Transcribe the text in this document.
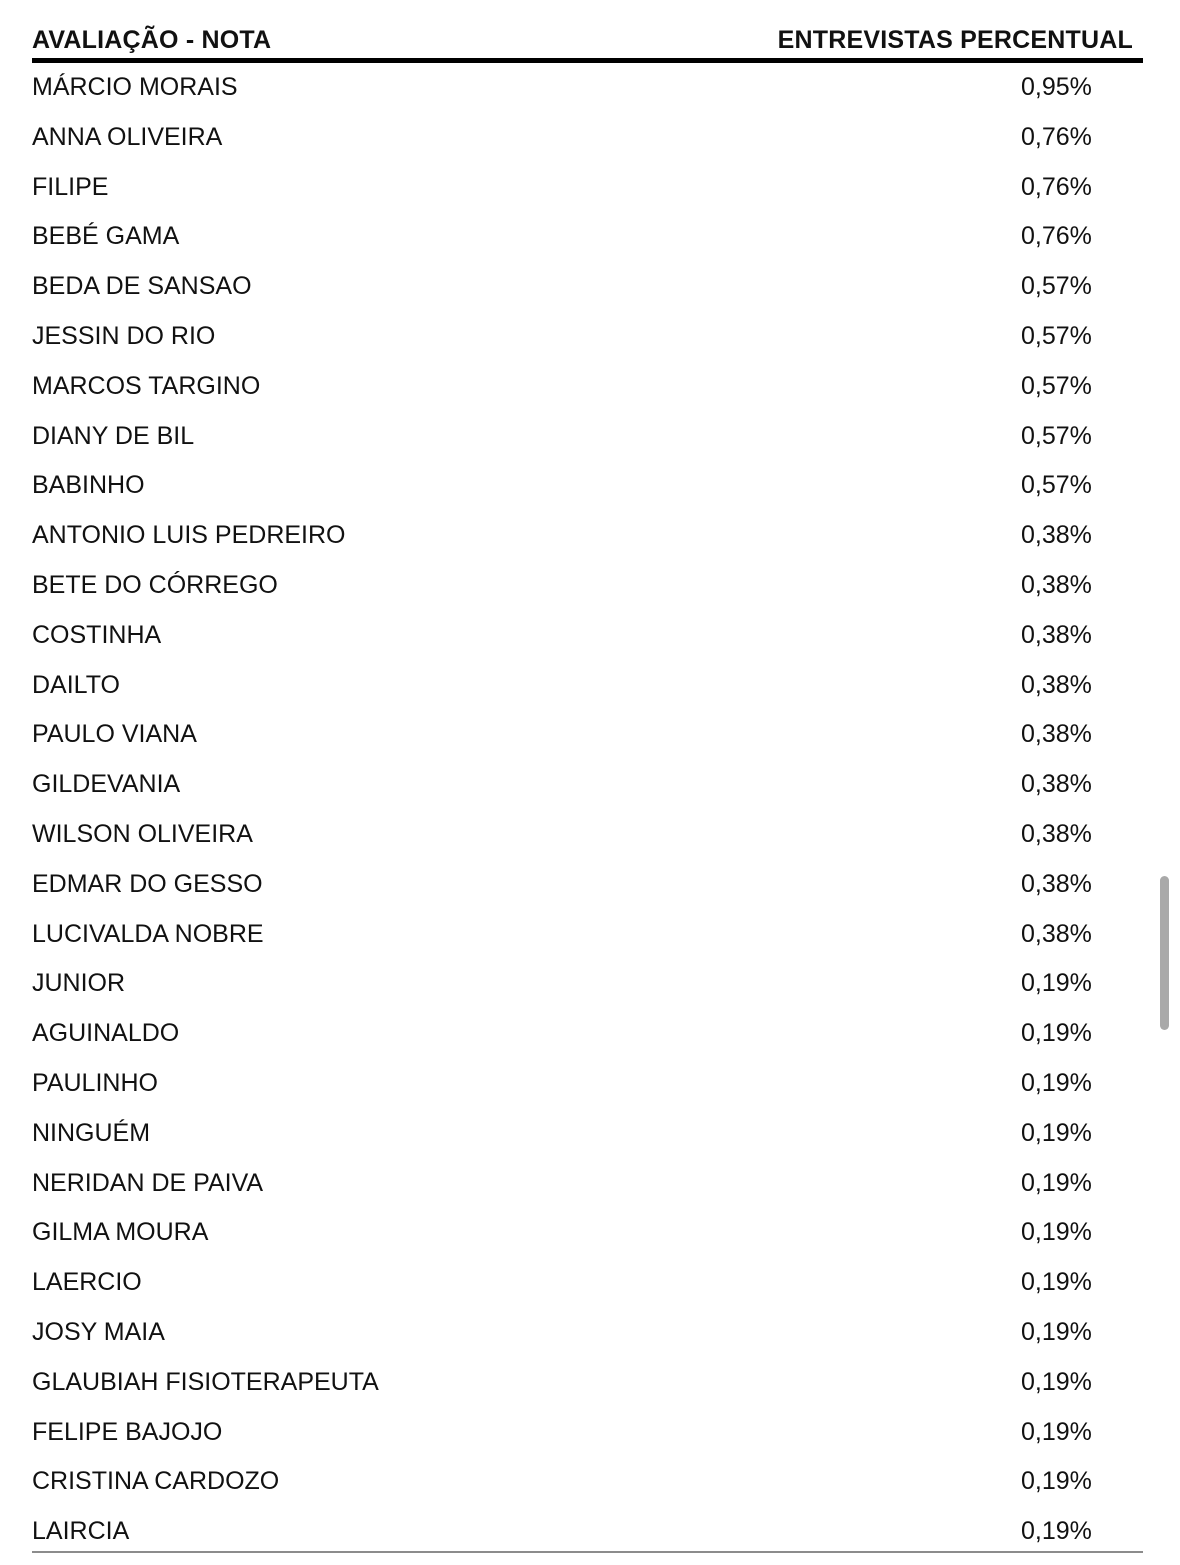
AVALIAÇÃO - NOTA	ENTREVISTAS PERCENTUAL
MÁRCIO MORAIS	0,95%
ANNA OLIVEIRA	0,76%
FILIPE	0,76%
BEBÉ GAMA	0,76%
BEDA DE SANSAO	0,57%
JESSIN DO RIO	0,57%
MARCOS TARGINO	0,57%
DIANY DE BIL	0,57%
BABINHO	0,57%
ANTONIO LUIS PEDREIRO	0,38%
BETE DO CÓRREGO	0,38%
COSTINHA	0,38%
DAILTO	0,38%
PAULO VIANA	0,38%
GILDEVANIA	0,38%
WILSON OLIVEIRA	0,38%
EDMAR DO GESSO	0,38%
LUCIVALDA NOBRE	0,38%
JUNIOR	0,19%
AGUINALDO	0,19%
PAULINHO	0,19%
NINGUÉM	0,19%
NERIDAN DE PAIVA	0,19%
GILMA MOURA	0,19%
LAERCIO	0,19%
JOSY MAIA	0,19%
GLAUBIAH FISIOTERAPEUTA	0,19%
FELIPE BAJOJO	0,19%
CRISTINA CARDOZO	0,19%
LAIRCIA	0,19%
